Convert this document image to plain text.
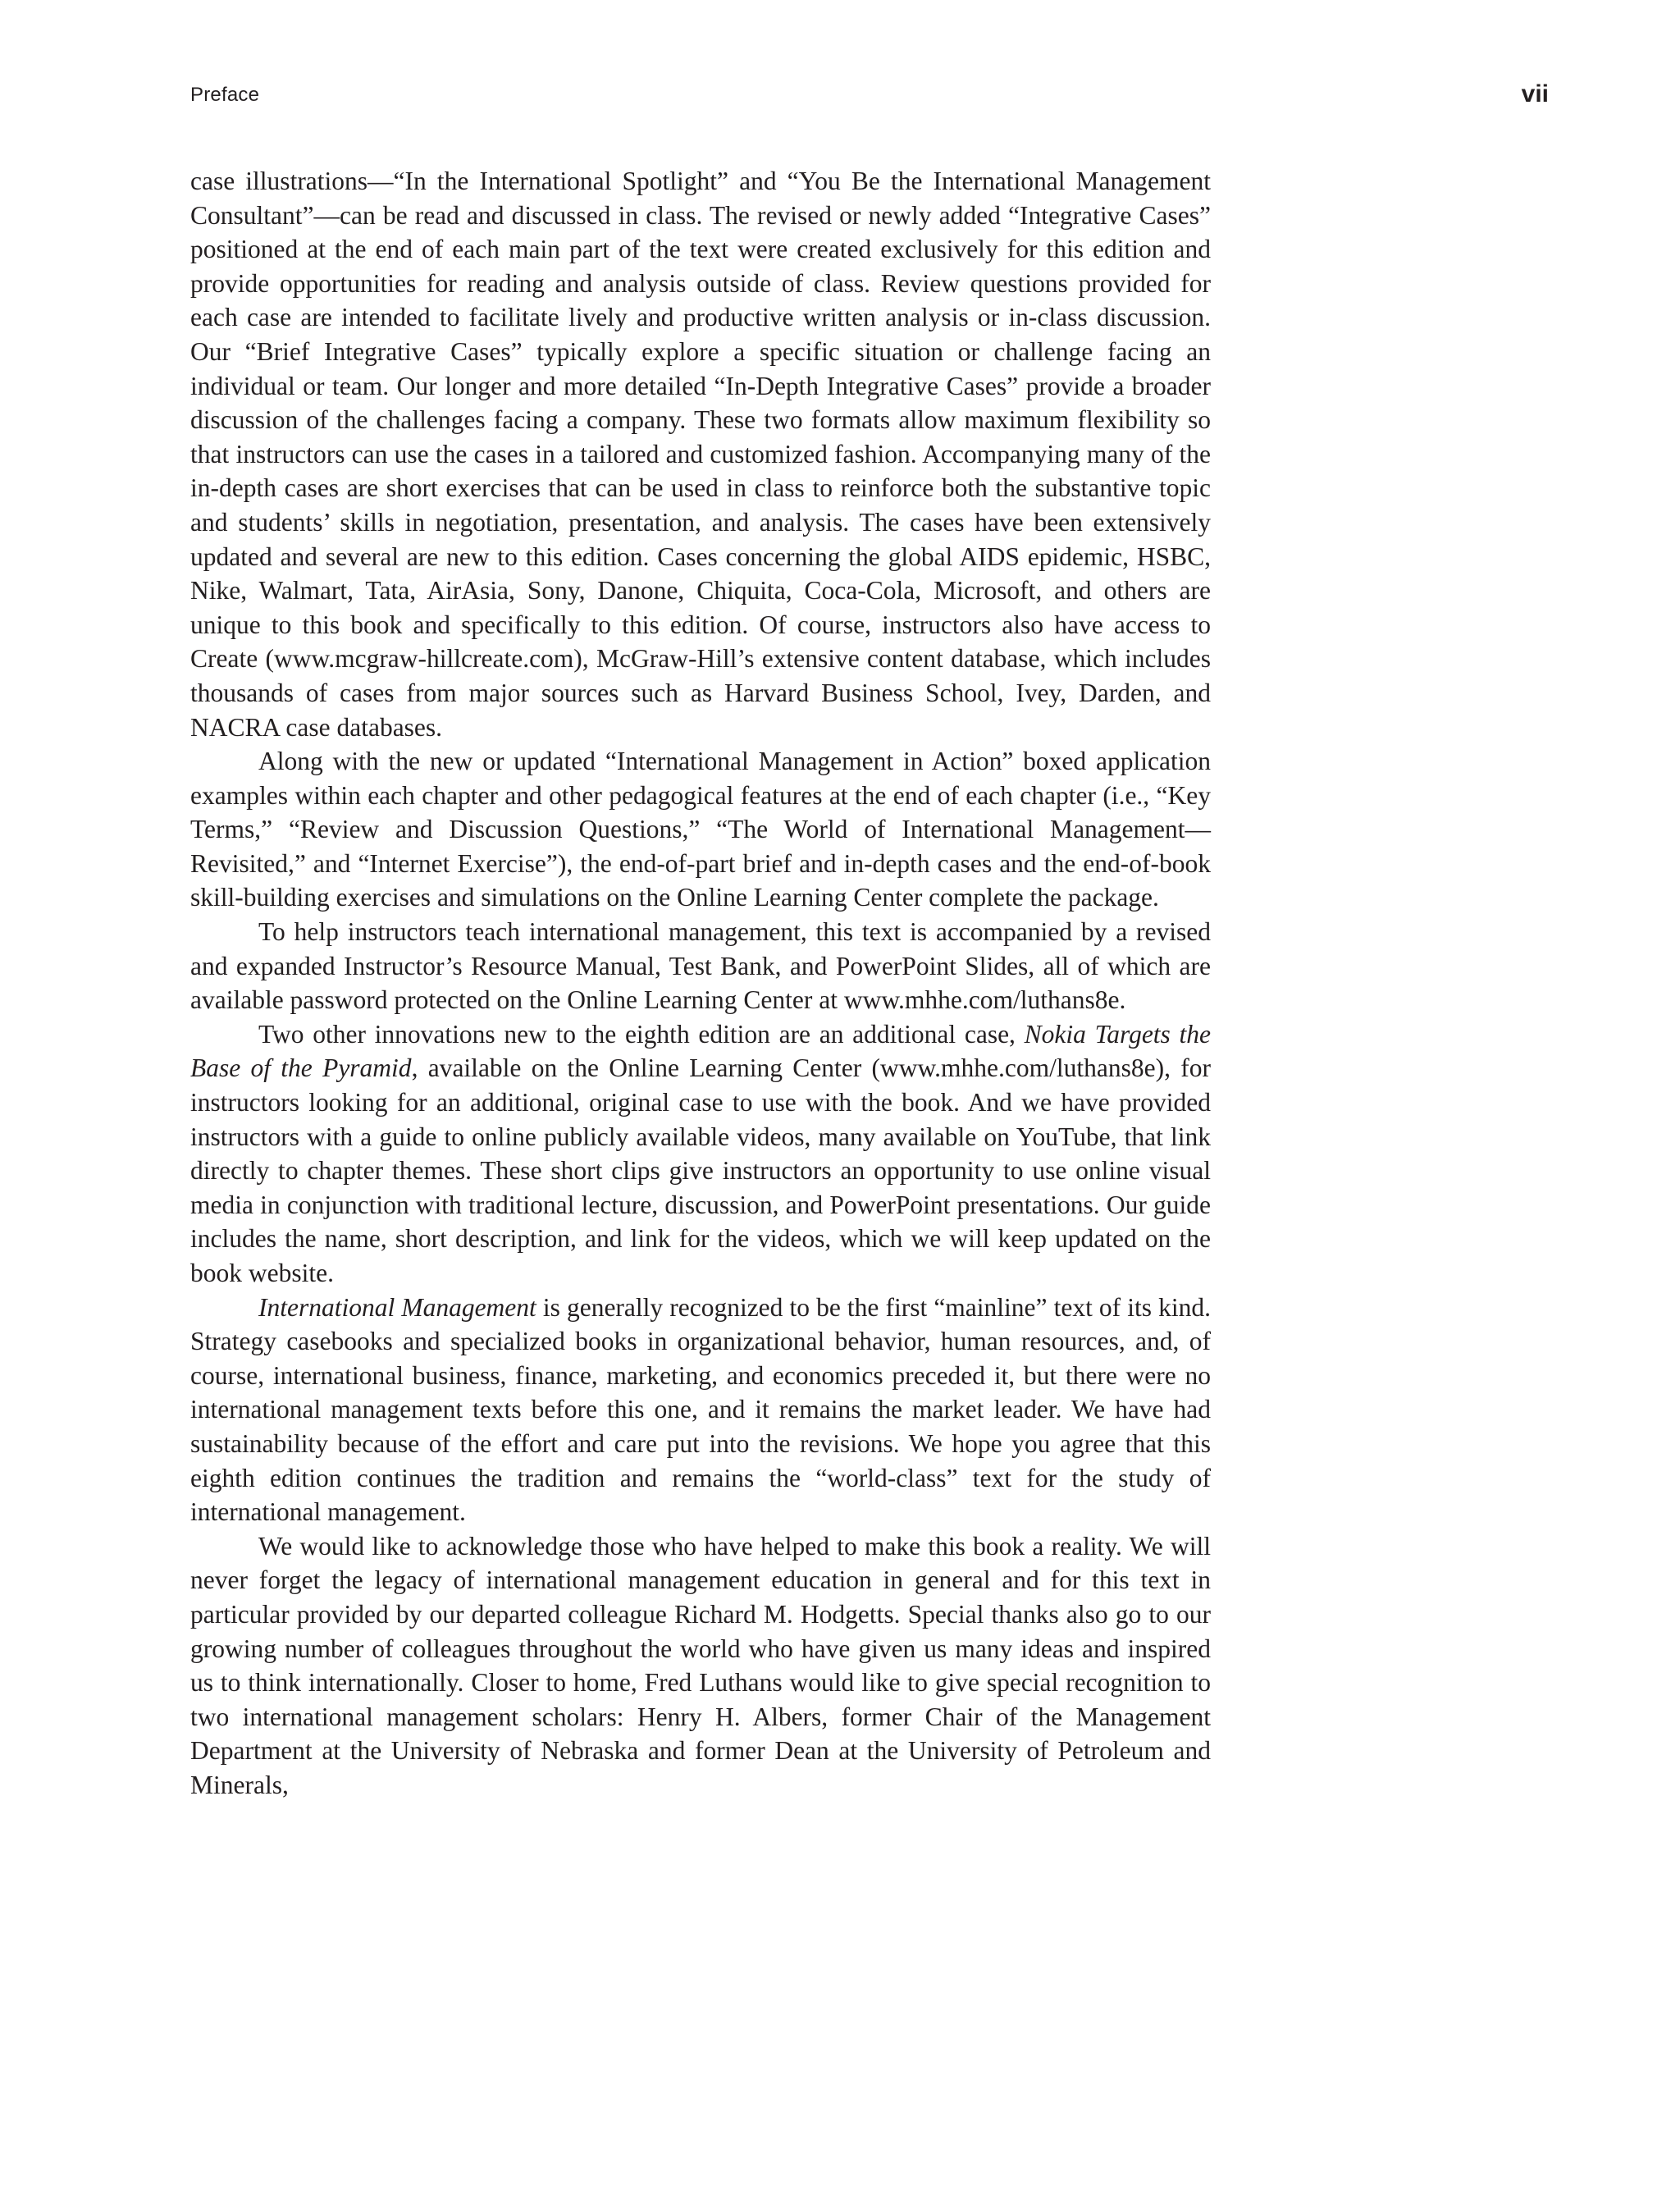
Preface	vii

case illustrations—“In the International Spotlight” and “You Be the International Management Consultant”—can be read and discussed in class. The revised or newly added “Integrative Cases” positioned at the end of each main part of the text were created exclusively for this edition and provide opportunities for reading and analysis outside of class. Review questions provided for each case are intended to facilitate lively and productive written analysis or in-class discussion. Our “Brief Integrative Cases” typically explore a specific situation or challenge facing an individual or team. Our longer and more detailed “In-Depth Integrative Cases” provide a broader discussion of the challenges facing a company. These two formats allow maximum flexibility so that instructors can use the cases in a tailored and customized fashion. Accompanying many of the in-depth cases are short exercises that can be used in class to reinforce both the substantive topic and students’ skills in negotiation, presentation, and analysis. The cases have been extensively updated and several are new to this edition. Cases concerning the global AIDS epidemic, HSBC, Nike, Walmart, Tata, AirAsia, Sony, Danone, Chiquita, Coca-Cola, Microsoft, and others are unique to this book and specifically to this edition. Of course, instructors also have access to Create (www.mcgraw-hillcreate.com), McGraw-Hill’s extensive content database, which includes thousands of cases from major sources such as Harvard Business School, Ivey, Darden, and NACRA case databases.

Along with the new or updated “International Management in Action” boxed application examples within each chapter and other pedagogical features at the end of each chapter (i.e., “Key Terms,” “Review and Discussion Questions,” “The World of International Management—Revisited,” and “Internet Exercise”), the end-of-part brief and in-depth cases and the end-of-book skill-building exercises and simulations on the Online Learning Center complete the package.

To help instructors teach international management, this text is accompanied by a revised and expanded Instructor’s Resource Manual, Test Bank, and PowerPoint Slides, all of which are available password protected on the Online Learning Center at www.mhhe.com/luthans8e.

Two other innovations new to the eighth edition are an additional case, Nokia Targets the Base of the Pyramid, available on the Online Learning Center (www.mhhe.com/luthans8e), for instructors looking for an additional, original case to use with the book. And we have provided instructors with a guide to online publicly available videos, many available on YouTube, that link directly to chapter themes. These short clips give instructors an opportunity to use online visual media in conjunction with traditional lecture, discussion, and PowerPoint presentations. Our guide includes the name, short description, and link for the videos, which we will keep updated on the book website.

International Management is generally recognized to be the first “mainline” text of its kind. Strategy casebooks and specialized books in organizational behavior, human resources, and, of course, international business, finance, marketing, and economics preceded it, but there were no international management texts before this one, and it remains the market leader. We have had sustainability because of the effort and care put into the revisions. We hope you agree that this eighth edition continues the tradition and remains the “world-class” text for the study of international management.

We would like to acknowledge those who have helped to make this book a reality. We will never forget the legacy of international management education in general and for this text in particular provided by our departed colleague Richard M. Hodgetts. Special thanks also go to our growing number of colleagues throughout the world who have given us many ideas and inspired us to think internationally. Closer to home, Fred Luthans would like to give special recognition to two international management scholars: Henry H. Albers, former Chair of the Management Department at the University of Nebraska and former Dean at the University of Petroleum and Minerals,
